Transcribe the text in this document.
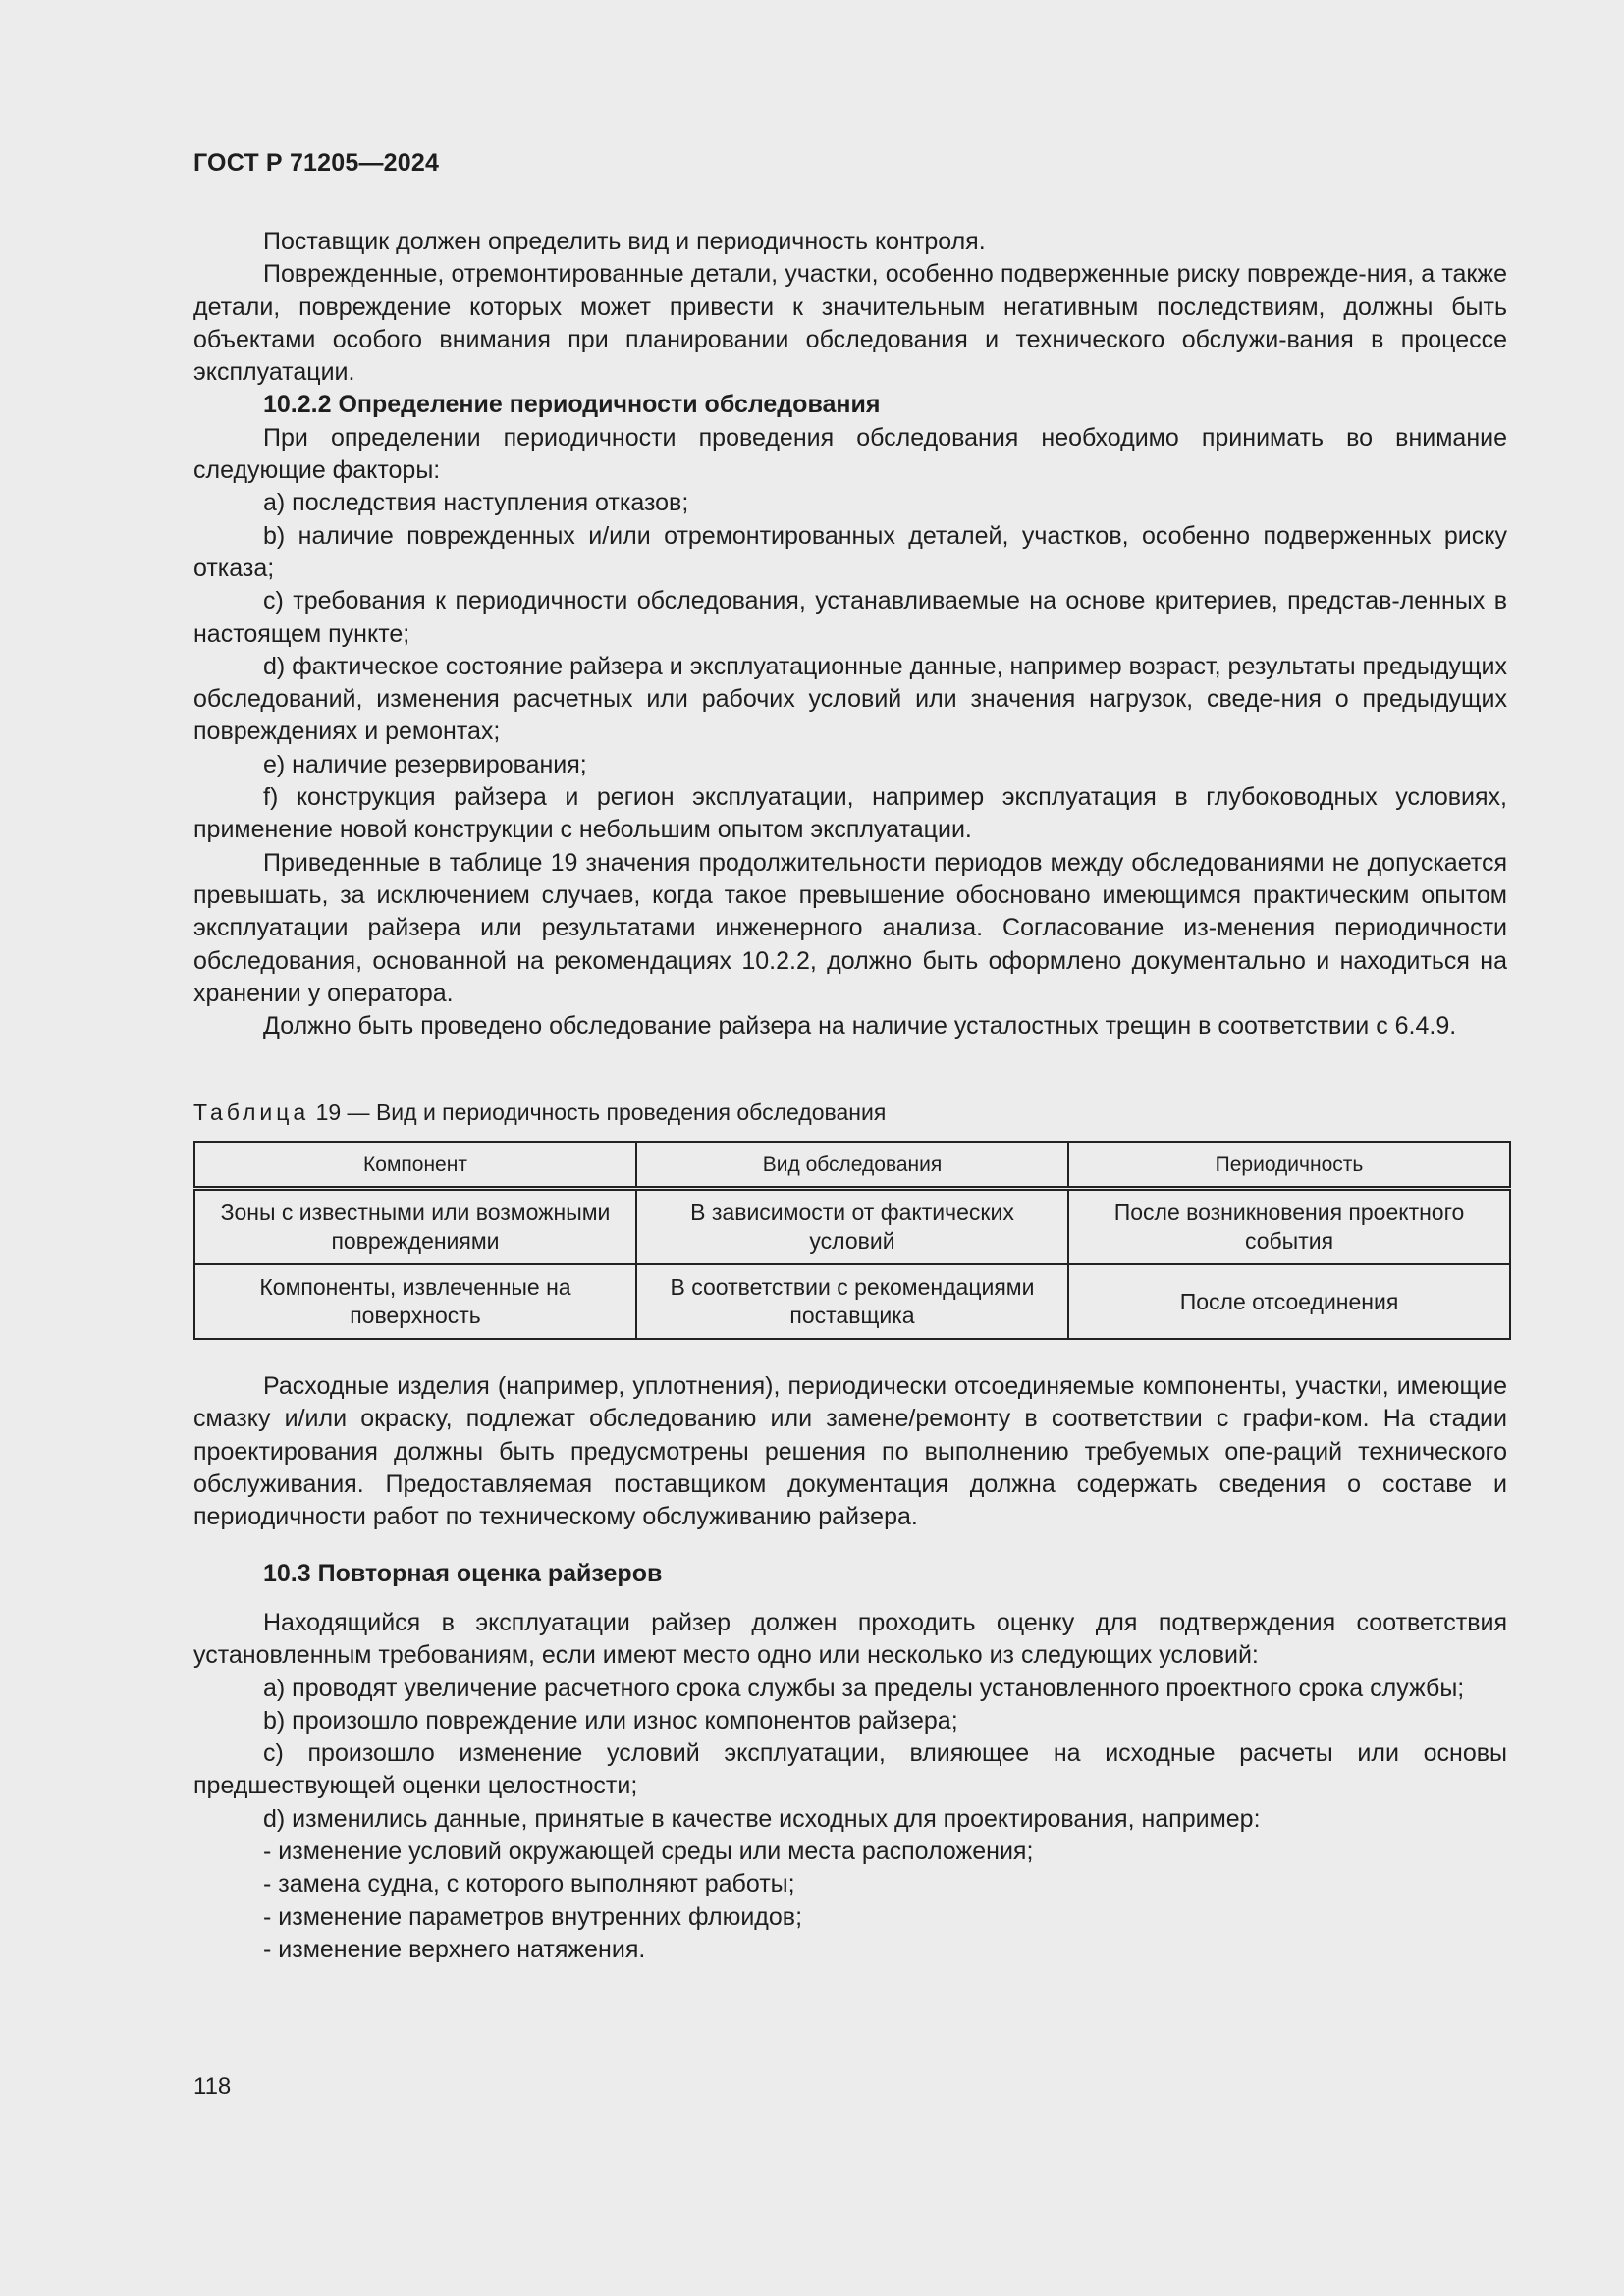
ГОСТ Р 71205—2024

Поставщик должен определить вид и периодичность контроля.

Поврежденные, отремонтированные детали, участки, особенно подверженные риску поврежде-ния, а также детали, повреждение которых может привести к значительным негативным последствиям, должны быть объектами особого внимания при планировании обследования и технического обслужи-вания в процессе эксплуатации.

10.2.2 Определение периодичности обследования

При определении периодичности проведения обследования необходимо принимать во внимание следующие факторы:

a) последствия наступления отказов;

b) наличие поврежденных и/или отремонтированных деталей, участков, особенно подверженных риску отказа;

c) требования к периодичности обследования, устанавливаемые на основе критериев, представ-ленных в настоящем пункте;

d) фактическое состояние райзера и эксплуатационные данные, например возраст, результаты предыдущих обследований, изменения расчетных или рабочих условий или значения нагрузок, сведе-ния о предыдущих повреждениях и ремонтах;

e) наличие резервирования;

f) конструкция райзера и регион эксплуатации, например эксплуатация в глубоководных условиях, применение новой конструкции с небольшим опытом эксплуатации.

Приведенные в таблице 19 значения продолжительности периодов между обследованиями не допускается превышать, за исключением случаев, когда такое превышение обосновано имеющимся практическим опытом эксплуатации райзера или результатами инженерного анализа. Согласование из-менения периодичности обследования, основанной на рекомендациях 10.2.2, должно быть оформлено документально и находиться на хранении у оператора.

Должно быть проведено обследование райзера на наличие усталостных трещин в соответствии с 6.4.9.

Таблица 19 — Вид и периодичность проведения обследования
Компонент	Вид обследования	Периодичность
Зоны с известными или возможными повреждениями	В зависимости от фактических условий	После возникновения проектного события
Компоненты, извлеченные на поверхность	В соответствии с рекомендациями поставщика	После отсоединения

Расходные изделия (например, уплотнения), периодически отсоединяемые компоненты, участки, имеющие смазку и/или окраску, подлежат обследованию или замене/ремонту в соответствии с графи-ком. На стадии проектирования должны быть предусмотрены решения по выполнению требуемых опе-раций технического обслуживания. Предоставляемая поставщиком документация должна содержать сведения о составе и периодичности работ по техническому обслуживанию райзера.

10.3 Повторная оценка райзеров

Находящийся в эксплуатации райзер должен проходить оценку для подтверждения соответствия установленным требованиям, если имеют место одно или несколько из следующих условий:

a) проводят увеличение расчетного срока службы за пределы установленного проектного срока службы;

b) произошло повреждение или износ компонентов райзера;

c) произошло изменение условий эксплуатации, влияющее на исходные расчеты или основы предшествующей оценки целостности;

d) изменились данные, принятые в качестве исходных для проектирования, например:

- изменение условий окружающей среды или места расположения;

- замена судна, с которого выполняют работы;

- изменение параметров внутренних флюидов;

- изменение верхнего натяжения.

118
